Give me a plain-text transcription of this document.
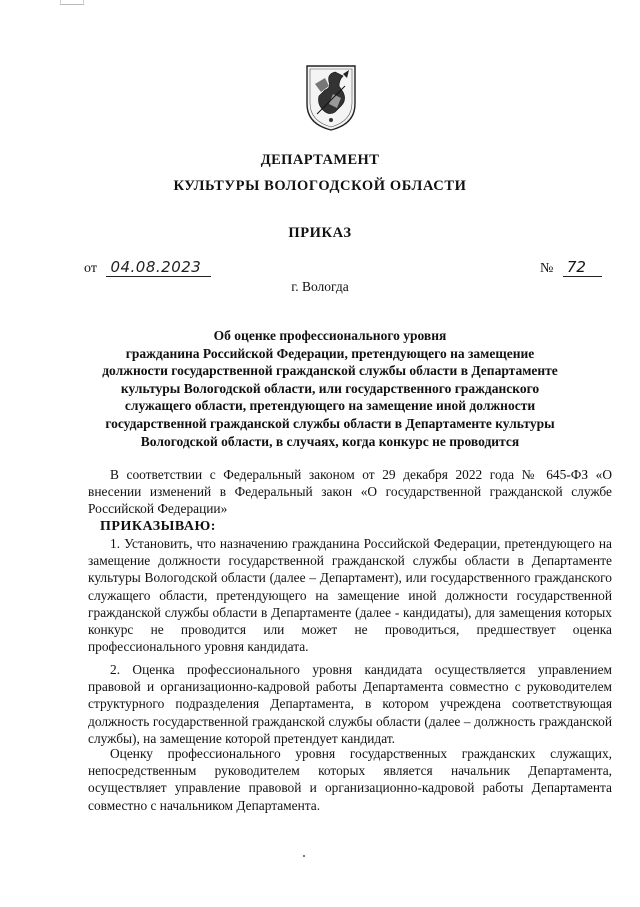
ДЕПАРТАМЕНТ
КУЛЬТУРЫ ВОЛОГОДСКОЙ ОБЛАСТИ
ПРИКАЗ
от 04.08.2023	№ 72
г. Вологда
Об оценке профессионального уровня
гражданина Российской Федерации, претендующего на замещение
должности государственной гражданской службы области в Департаменте
культуры Вологодской области, или государственного гражданского
служащего области, претендующего на замещение иной должности
государственной гражданской службы области в Департаменте культуры
Вологодской области, в случаях, когда конкурс не проводится

В соответствии с Федеральный законом от 29 декабря 2022 года № 645-ФЗ «О внесении изменений в Федеральный закон «О государственной гражданской службе Российской Федерации»

ПРИКАЗЫВАЮ:

1. Установить, что назначению гражданина Российской Федерации, претендующего на замещение должности государственной гражданской службы области в Департаменте культуры Вологодской области (далее – Департамент), или государственного гражданского служащего области, претендующего на замещение иной должности государственной гражданской службы области в Департаменте (далее - кандидаты), для замещения которых конкурс не проводится или может не проводиться, предшествует оценка профессионального уровня кандидата.

2. Оценка профессионального уровня кандидата осуществляется управлением правовой и организационно-кадровой работы Департамента совместно с руководителем структурного подразделения Департамента, в котором учреждена соответствующая должность государственной гражданской службы области (далее – должность гражданской службы), на замещение которой претендует кандидат.

Оценку профессионального уровня государственных гражданских служащих, непосредственным руководителем которых является начальник Департамента, осуществляет управление правовой и организационно-кадровой работы Департамента совместно с начальником Департамента.
